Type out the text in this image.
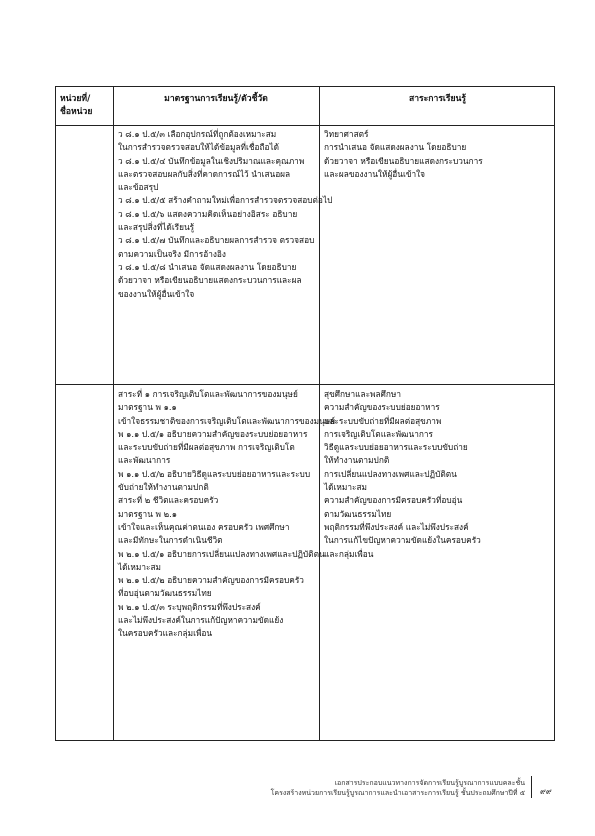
หน่วยที่/
ชื่อหน่วย
มาตรฐานการเรียนรู้/ตัวชี้วัด	สาระการเรียนรู้
ว ๘.๑ ป.๕/๓ เลือกอุปกรณ์ที่ถูกต้องเหมาะสม
ในการสำรวจตรวจสอบให้ได้ข้อมูลที่เชื่อถือได้
ว ๘.๑ ป.๕/๔ บันทึกข้อมูลในเชิงปริมาณและคุณภาพ
และตรวจสอบผลกับสิ่งที่คาดการณ์ไว้ นำเสนอผล
และข้อสรุป
ว ๘.๑ ป.๕/๕ สร้างคำถามใหม่เพื่อการสำรวจตรวจสอบต่อไป
ว ๘.๑ ป.๕/๖ แสดงความคิดเห็นอย่างอิสระ อธิบาย
และสรุปสิ่งที่ได้เรียนรู้
ว ๘.๑ ป.๕/๗ บันทึกและอธิบายผลการสำรวจ ตรวจสอบ
ตามความเป็นจริง มีการอ้างอิง
ว ๘.๑ ป.๕/๘ นำเสนอ จัดแสดงผลงาน โดยอธิบาย
ด้วยวาจา หรือเขียนอธิบายแสดงกระบวนการและผล
ของงานให้ผู้อื่นเข้าใจ
วิทยาศาสตร์
การนำเสนอ จัดแสดงผลงาน โดยอธิบาย
ด้วยวาจา หรือเขียนอธิบายแสดงกระบวนการ
และผลของงานให้ผู้อื่นเข้าใจ
สาระที่ ๑ การเจริญเติบโตและพัฒนาการของมนุษย์
มาตรฐาน พ ๑.๑
เข้าใจธรรมชาติของการเจริญเติบโตและพัฒนาการของมนุษย์
พ ๑.๑ ป.๕/๑ อธิบายความสำคัญของระบบย่อยอาหาร
และระบบขับถ่ายที่มีผลต่อสุขภาพ การเจริญเติบโต
และพัฒนาการ
พ ๑.๑ ป.๕/๒ อธิบายวิธีดูแลระบบย่อยอาหารและระบบ
ขับถ่ายให้ทำงานตามปกติ
สาระที่ ๒ ชีวิตและครอบครัว
มาตรฐาน พ ๒.๑
เข้าใจและเห็นคุณค่าตนเอง ครอบครัว เพศศึกษา
และมีทักษะในการดำเนินชีวิต
พ ๒.๑ ป.๕/๑ อธิบายการเปลี่ยนแปลงทางเพศและปฏิบัติตน
ได้เหมาะสม
พ ๒.๑ ป.๕/๒ อธิบายความสำคัญของการมีครอบครัว
ที่อบอุ่นตามวัฒนธรรมไทย
พ ๒.๑ ป.๕/๓ ระบุพฤติกรรมที่พึงประสงค์
และไม่พึงประสงค์ในการแก้ปัญหาความขัดแย้ง
ในครอบครัวและกลุ่มเพื่อน
สุขศึกษาและพลศึกษา
ความสำคัญของระบบย่อยอาหาร
และระบบขับถ่ายที่มีผลต่อสุขภาพ
การเจริญเติบโตและพัฒนาการ
วิธีดูแลระบบย่อยอาหารและระบบขับถ่าย
ให้ทำงานตามปกติ
การเปลี่ยนแปลงทางเพศและปฏิบัติตน
ได้เหมาะสม
ความสำคัญของการมีครอบครัวที่อบอุ่น
ตามวัฒนธรรมไทย
พฤติกรรมที่พึงประสงค์ และไม่พึงประสงค์
ในการแก้ไขปัญหาความขัดแย้งในครอบครัว
และกลุ่มเพื่อน
เอกสารประกอบแนวทางการจัดการเรียนรู้บูรณาการแบบคละชั้น
โครงสร้างหน่วยการเรียนรู้บูรณาการและนำเอาสาระการเรียนรู้ ชั้นประถมศึกษาปีที่ ๕ ๙๙
